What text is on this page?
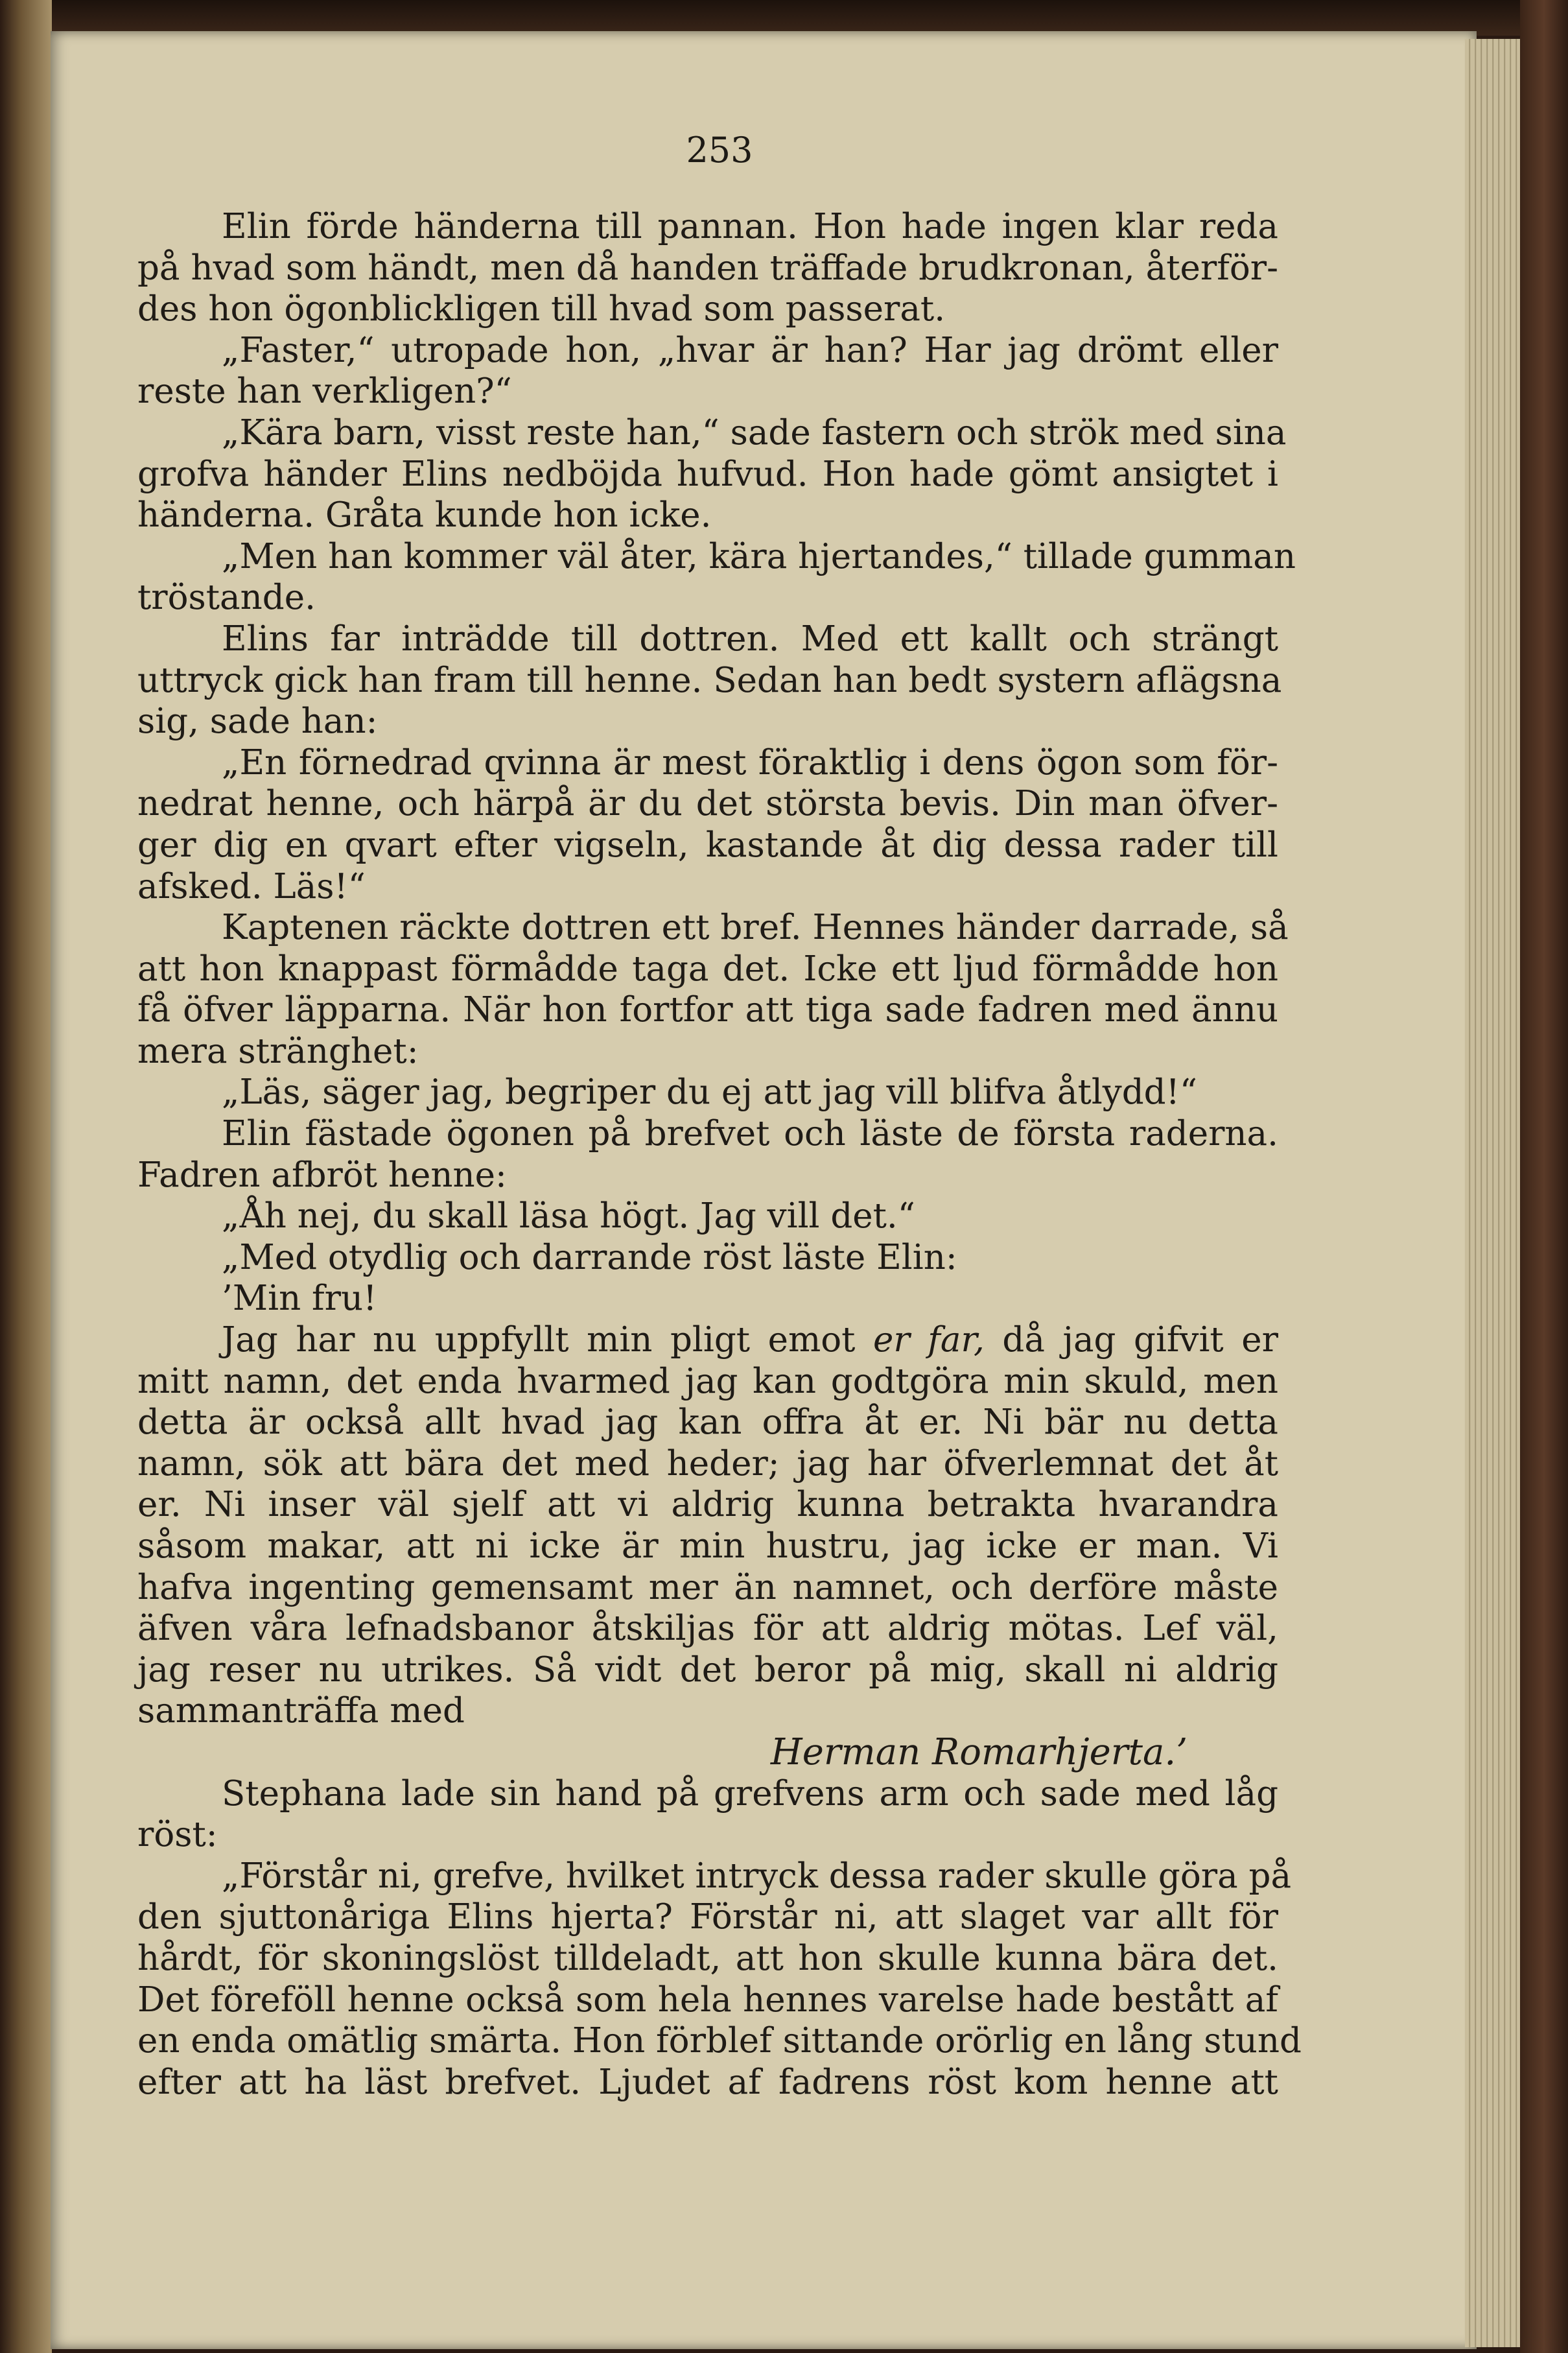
253
Elin förde händerna till pannan. Hon hade ingen klar reda
på hvad som händt, men då handen träffade brudkronan, återför-
des hon ögonblickligen till hvad som passerat.
„Faster,“ utropade hon, „hvar är han? Har jag drömt eller
reste han verkligen?“
„Kära barn, visst reste han,“ sade fastern och strök med sina
grofva händer Elins nedböjda hufvud. Hon hade gömt ansigtet i
händerna. Gråta kunde hon icke.
„Men han kommer väl åter, kära hjertandes,“ tillade gumman
tröstande.
Elins far inträdde till dottren. Med ett kallt och strängt
uttryck gick han fram till henne. Sedan han bedt systern aflägsna
sig, sade han:
„En förnedrad qvinna är mest föraktlig i dens ögon som för-
nedrat henne, och härpå är du det största bevis. Din man öfver-
ger dig en qvart efter vigseln, kastande åt dig dessa rader till
afsked. Läs!“
Kaptenen räckte dottren ett bref. Hennes händer darrade, så
att hon knappast förmådde taga det. Icke ett ljud förmådde hon
få öfver läpparna. När hon fortfor att tiga sade fadren med ännu
mera stränghet:
„Läs, säger jag, begriper du ej att jag vill blifva åtlydd!“
Elin fästade ögonen på brefvet och läste de första raderna.
Fadren afbröt henne:
„Åh nej, du skall läsa högt. Jag vill det.“
„Med otydlig och darrande röst läste Elin:
’Min fru!
Jag har nu uppfyllt min pligt emot er far, då jag gifvit er
mitt namn, det enda hvarmed jag kan godtgöra min skuld, men
detta är också allt hvad jag kan offra åt er. Ni bär nu detta
namn, sök att bära det med heder; jag har öfverlemnat det åt
er. Ni inser väl sjelf att vi aldrig kunna betrakta hvarandra
såsom makar, att ni icke är min hustru, jag icke er man. Vi
hafva ingenting gemensamt mer än namnet, och derföre måste
äfven våra lefnadsbanor åtskiljas för att aldrig mötas. Lef väl,
jag reser nu utrikes. Så vidt det beror på mig, skall ni aldrig
sammanträffa med
Herman Romarhjerta.’
Stephana lade sin hand på grefvens arm och sade med låg
röst:
„Förstår ni, grefve, hvilket intryck dessa rader skulle göra på
den sjuttonåriga Elins hjerta? Förstår ni, att slaget var allt för
hårdt, för skoningslöst tilldeladt, att hon skulle kunna bära det.
Det föreföll henne också som hela hennes varelse hade bestått af
en enda omätlig smärta. Hon förblef sittande orörlig en lång stund
efter att ha läst brefvet. Ljudet af fadrens röst kom henne att
